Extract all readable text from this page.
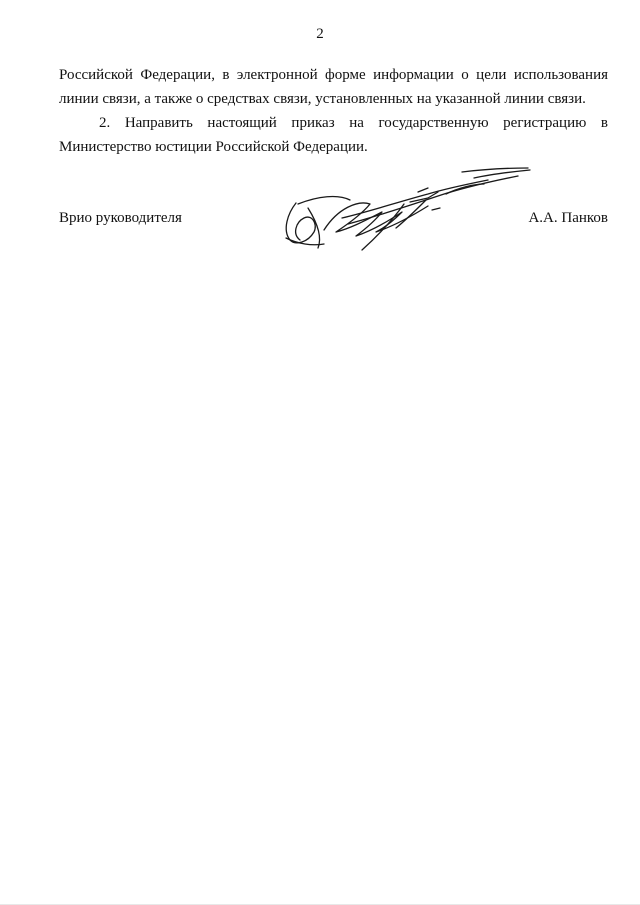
2
Российской Федерации, в электронной форме информации о цели использования
линии связи, а также о средствах связи, установленных на указанной линии связи.
2. Направить настоящий приказ на государственную регистрацию в
Министерство юстиции Российской Федерации.
Врио руководителя	А.А. Панков
